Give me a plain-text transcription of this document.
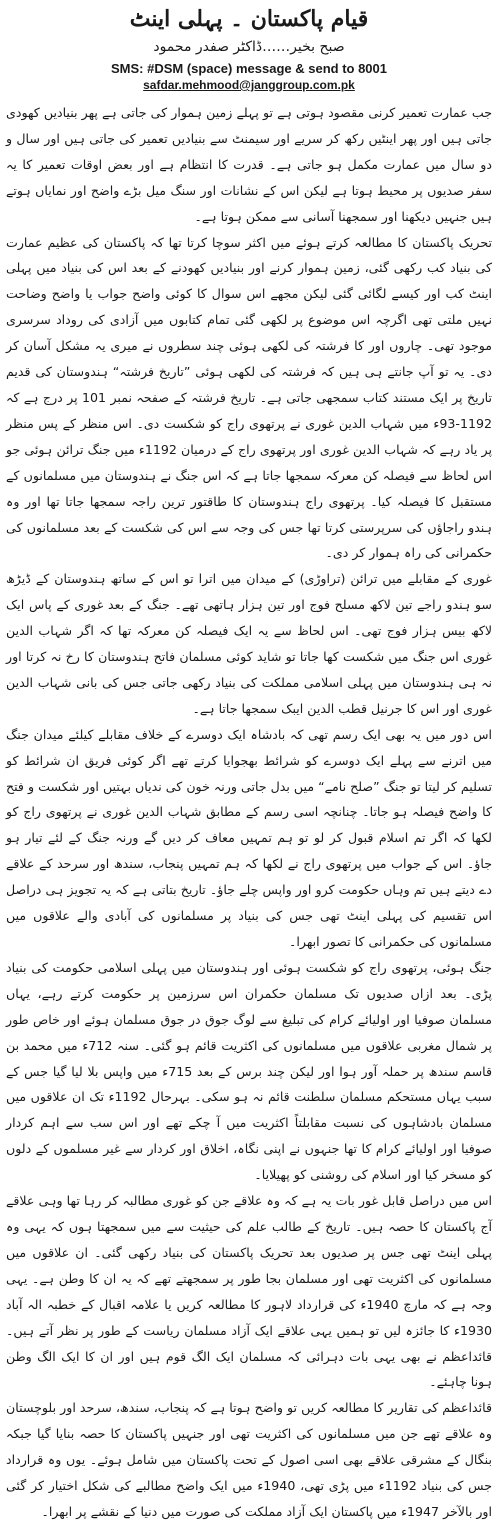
قیام پاکستان ۔ پہلی اینٹ
صبح بخیر……ڈاکٹر صفدر محمود
SMS: #DSM (space) message & send to 8001
safdar.mehmood@janggroup.com.pk

جب عمارت تعمیر کرنی مقصود ہوتی ہے تو پہلے زمین ہموار کی جاتی ہے پھر بنیادیں کھودی جاتی ہیں اور پھر اینٹیں رکھ کر سریے اور سیمنٹ سے بنیادیں تعمیر کی جاتی ہیں اور سال و دو سال میں عمارت مکمل ہو جاتی ہے۔ قدرت کا انتظام ہے اور بعض اوقات تعمیر کا یہ سفر صدیوں پر محیط ہوتا ہے لیکن اس کے نشانات اور سنگ میل بڑے واضح اور نمایاں ہوتے ہیں جنہیں دیکھنا اور سمجھنا آسانی سے ممکن ہوتا ہے۔

تحریک پاکستان کا مطالعہ کرتے ہوئے میں اکثر سوچا کرتا تھا کہ پاکستان کی عظیم عمارت کی بنیاد کب رکھی گئی، زمین ہموار کرنے اور بنیادیں کھودنے کے بعد اس کی بنیاد میں پہلی اینٹ کب اور کیسے لگائی گئی لیکن مجھے اس سوال کا کوئی واضح جواب یا واضح وضاحت نہیں ملتی تھی اگرچہ اس موضوع پر لکھی گئی تمام کتابوں میں آزادی کی روداد سرسری موجود تھی۔ چاروں اور کا فرشتہ کی لکھی ہوئی چند سطروں نے میری یہ مشکل آسان کر دی۔ یہ تو آپ جانتے ہی ہیں کہ فرشتہ کی لکھی ہوئی ”تاریخ فرشتہ“ ہندوستان کی قدیم تاریخ پر ایک مستند کتاب سمجھی جاتی ہے۔ تاریخ فرشتہ کے صفحہ نمبر 101 پر درج ہے کہ 1192-93ء میں شہاب الدین غوری نے پرتھوی راج کو شکست دی۔ اس منظر کے پس منظر پر یاد رہے کہ شہاب الدین غوری اور پرتھوی راج کے درمیان 1192ء میں جنگ ترائن ہوئی جو اس لحاظ سے فیصلہ کن معرکہ سمجھا جاتا ہے کہ اس جنگ نے ہندوستان میں مسلمانوں کے مستقبل کا فیصلہ کیا۔ پرتھوی راج ہندوستان کا طاقتور ترین راجہ سمجھا جاتا تھا اور وہ ہندو راجاؤں کی سرپرستی کرتا تھا جس کی وجہ سے اس کی شکست کے بعد مسلمانوں کی حکمرانی کی راہ ہموار کر دی۔

غوری کے مقابلے میں ترائن (تراوڑی) کے میدان میں اترا تو اس کے ساتھ ہندوستان کے ڈیڑھ سو ہندو راجے تین لاکھ مسلح فوج اور تین ہزار ہاتھی تھے۔ جنگ کے بعد غوری کے پاس ایک لاکھ بیس ہزار فوج تھی۔ اس لحاظ سے یہ ایک فیصلہ کن معرکہ تھا کہ اگر شہاب الدین غوری اس جنگ میں شکست کھا جاتا تو شاید کوئی مسلمان فاتح ہندوستان کا رخ نہ کرتا اور نہ ہی ہندوستان میں پہلی اسلامی مملکت کی بنیاد رکھی جاتی جس کی بانی شہاب الدین غوری اور اس کا جرنیل قطب الدین ایبک سمجھا جاتا ہے۔

اس دور میں یہ بھی ایک رسم تھی کہ بادشاہ ایک دوسرے کے خلاف مقابلے کیلئے میدان جنگ میں اترنے سے پہلے ایک دوسرے کو شرائط بھجوایا کرتے تھے اگر کوئی فریق ان شرائط کو تسلیم کر لیتا تو جنگ ”صلح نامے“ میں بدل جاتی ورنہ خون کی ندیاں بہتیں اور شکست و فتح کا واضح فیصلہ ہو جاتا۔ چنانچہ اسی رسم کے مطابق شہاب الدین غوری نے پرتھوی راج کو لکھا کہ اگر تم اسلام قبول کر لو تو ہم تمہیں معاف کر دیں گے ورنہ جنگ کے لئے تیار ہو جاؤ۔ اس کے جواب میں پرتھوی راج نے لکھا کہ ہم تمہیں پنجاب، سندھ اور سرحد کے علاقے دے دیتے ہیں تم وہاں حکومت کرو اور واپس چلے جاؤ۔ تاریخ بتاتی ہے کہ یہ تجویز ہی دراصل اس تقسیم کی پہلی اینٹ تھی جس کی بنیاد پر مسلمانوں کی آبادی والے علاقوں میں مسلمانوں کی حکمرانی کا تصور ابھرا۔

جنگ ہوئی، پرتھوی راج کو شکست ہوئی اور ہندوستان میں پہلی اسلامی حکومت کی بنیاد پڑی۔ بعد ازاں صدیوں تک مسلمان حکمران اس سرزمین پر حکومت کرتے رہے، یہاں مسلمان صوفیا اور اولیائے کرام کی تبلیغ سے لوگ جوق در جوق مسلمان ہوئے اور خاص طور پر شمال مغربی علاقوں میں مسلمانوں کی اکثریت قائم ہو گئی۔ سنہ 712ء میں محمد بن قاسم سندھ پر حملہ آور ہوا اور لیکن چند برس کے بعد 715ء میں واپس بلا لیا گیا جس کے سبب یہاں مستحکم مسلمان سلطنت قائم نہ ہو سکی۔ بہرحال 1192ء تک ان علاقوں میں مسلمان بادشاہوں کی نسبت مقابلتاً اکثریت میں آ چکے تھے اور اس سب سے اہم کردار صوفیا اور اولیائے کرام کا تھا جنہوں نے اپنی نگاہ، اخلاق اور کردار سے غیر مسلموں کے دلوں کو مسخر کیا اور اسلام کی روشنی کو پھیلایا۔

اس میں دراصل قابل غور بات یہ ہے کہ وہ علاقے جن کو غوری مطالبہ کر رہا تھا وہی علاقے آج پاکستان کا حصہ ہیں۔ تاریخ کے طالب علم کی حیثیت سے میں سمجھتا ہوں کہ یہی وہ پہلی اینٹ تھی جس پر صدیوں بعد تحریک پاکستان کی بنیاد رکھی گئی۔ ان علاقوں میں مسلمانوں کی اکثریت تھی اور مسلمان بجا طور پر سمجھتے تھے کہ یہ ان کا وطن ہے۔ یہی وجہ ہے کہ مارچ 1940ء کی قرارداد لاہور کا مطالعہ کریں یا علامہ اقبال کے خطبہ الہ آباد 1930ء کا جائزہ لیں تو ہمیں یہی علاقے ایک آزاد مسلمان ریاست کے طور پر نظر آتے ہیں۔ قائداعظم نے بھی یہی بات دہرائی کہ مسلمان ایک الگ قوم ہیں اور ان کا ایک الگ وطن ہونا چاہئے۔

قائداعظم کی تقاریر کا مطالعہ کریں تو واضح ہوتا ہے کہ پنجاب، سندھ، سرحد اور بلوچستان وہ علاقے تھے جن میں مسلمانوں کی اکثریت تھی اور جنہیں پاکستان کا حصہ بنایا گیا جبکہ بنگال کے مشرقی علاقے بھی اسی اصول کے تحت پاکستان میں شامل ہوئے۔ یوں وہ قرارداد جس کی بنیاد 1192ء میں پڑی تھی، 1940ء میں ایک واضح مطالبے کی شکل اختیار کر گئی اور بالآخر 1947ء میں پاکستان ایک آزاد مملکت کی صورت میں دنیا کے نقشے پر ابھرا۔
